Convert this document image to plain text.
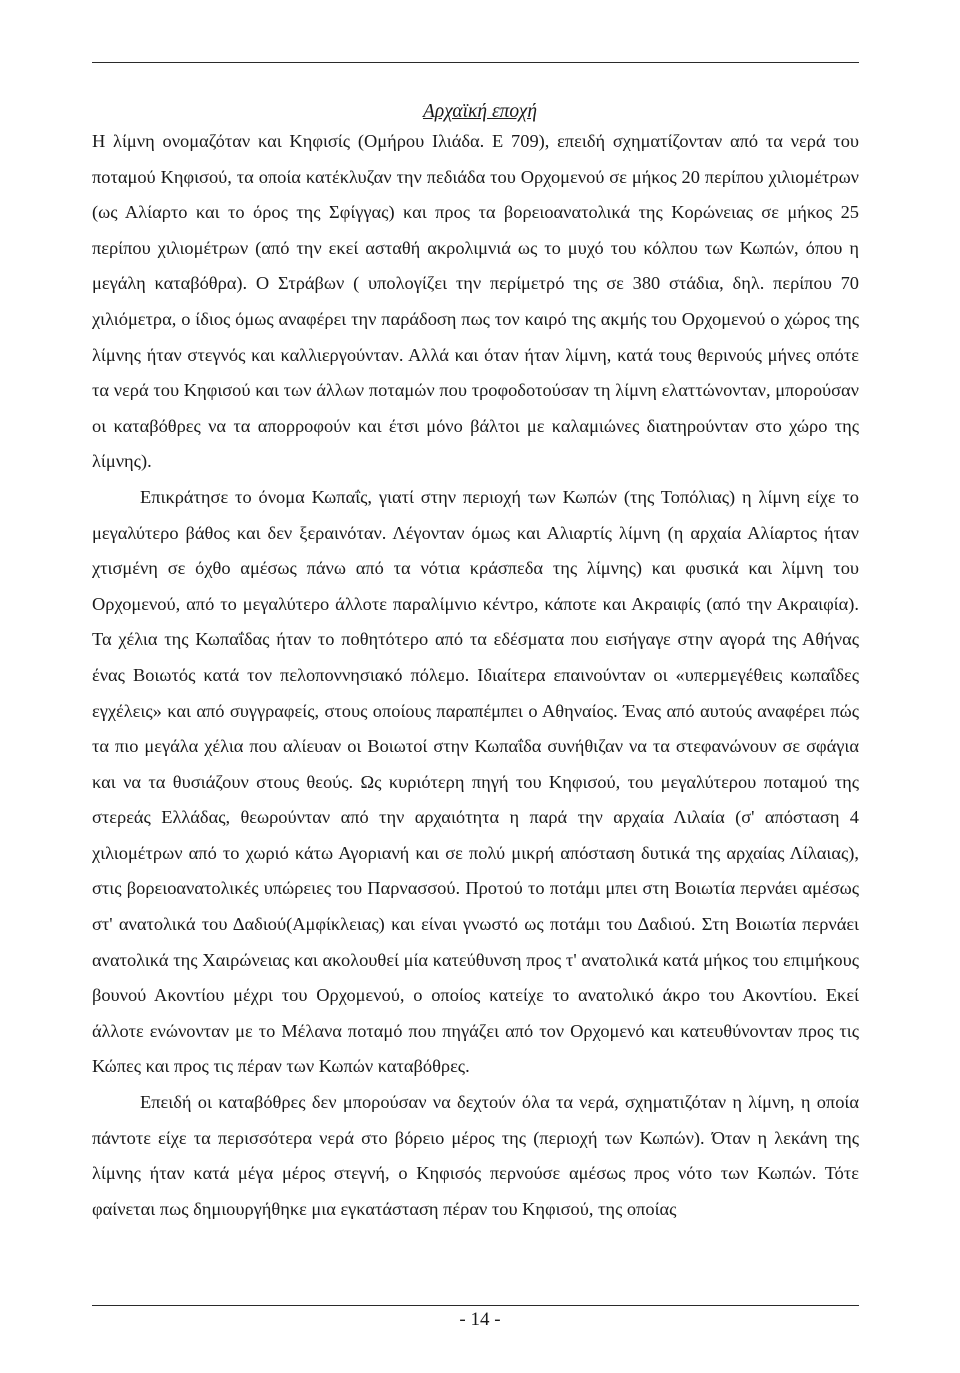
Αρχαϊκή εποχή

Η λίμνη ονομαζόταν και Κηφισίς (Ομήρου Ιλιάδα. Ε 709), επειδή σχηματίζονταν από τα νερά του ποταμού Κηφισού, τα οποία κατέκλυζαν την πεδιάδα του Ορχομενού σε μήκος 20 περίπου χιλιομέτρων (ως Αλίαρτο και το όρος της Σφίγγας) και προς τα βορειοανατολικά της Κορώνειας σε μήκος 25 περίπου χιλιομέτρων (από την εκεί ασταθή ακρολιμνιά ως το μυχό του κόλπου των Κωπών, όπου η μεγάλη καταβόθρα). Ο Στράβων ( υπολογίζει την περίμετρό της σε 380 στάδια, δηλ. περίπου 70 χιλιόμετρα, ο ίδιος όμως αναφέρει την παράδοση πως τον καιρό της ακμής του Ορχομενού ο χώρος της λίμνης ήταν στεγνός και καλλιεργούνταν. Αλλά και όταν ήταν λίμνη, κατά τους θερινούς μήνες οπότε τα νερά του Κηφισού και των άλλων ποταμών που τροφοδοτούσαν τη λίμνη ελαττώνονταν, μπορούσαν οι καταβόθρες να τα απορροφούν και έτσι μόνο βάλτοι με καλαμιώνες διατηρούνταν στο χώρο της λίμνης).

Επικράτησε το όνομα Κωπαΐς, γιατί στην περιοχή των Κωπών (της Τοπόλιας) η λίμνη είχε το μεγαλύτερο βάθος και δεν ξεραινόταν. Λέγονταν όμως και Αλιαρτίς λίμνη (η αρχαία Αλίαρτος ήταν χτισμένη σε όχθο αμέσως πάνω από τα νότια κράσπεδα της λίμνης) και φυσικά και λίμνη του Ορχομενού, από το μεγαλύτερο άλλοτε παραλίμνιο κέντρο, κάποτε και Ακραιφίς (από την Ακραιφία). Τα χέλια της Κωπαΐδας ήταν το ποθητότερο από τα εδέσματα που εισήγαγε στην αγορά της Αθήνας ένας Βοιωτός κατά τον πελοποννησιακό πόλεμο. Ιδιαίτερα επαινούνταν οι «υπερμεγέθεις κωπαΐδες εγχέλεις» και από συγγραφείς, στους οποίους παραπέμπει ο Αθηναίος. Ένας από αυτούς αναφέρει πώς τα πιο μεγάλα χέλια που αλίευαν οι Βοιωτοί στην Κωπαΐδα συνήθιζαν να τα στεφανώνουν σε σφάγια και να τα θυσιάζουν στους θεούς. Ως κυριότερη πηγή του Κηφισού, του μεγαλύτερου ποταμού της στερεάς Ελλάδας, θεωρούνταν από την αρχαιότητα η παρά την αρχαία Λιλαία (σ' απόσταση 4 χιλιομέτρων από το χωριό κάτω Αγοριανή και σε πολύ μικρή απόσταση δυτικά της αρχαίας Λίλαιας), στις βορειοανατολικές υπώρειες του Παρνασσού. Προτού το ποτάμι μπει στη Βοιωτία περνάει αμέσως στ' ανατολικά του Δαδιού(Αμφίκλειας) και είναι γνωστό ως ποτάμι του Δαδιού. Στη Βοιωτία περνάει ανατολικά της Χαιρώνειας και ακολουθεί μία κατεύθυνση προς τ' ανατολικά κατά μήκος του επιμήκους βουνού Ακοντίου μέχρι του Ορχομενού, ο οποίος κατείχε το ανατολικό άκρο του Ακοντίου. Εκεί άλλοτε ενώνονταν με το Μέλανα ποταμό που πηγάζει από τον Ορχομενό και κατευθύνονταν προς τις Κώπες και προς τις πέραν των Κωπών καταβόθρες.

Επειδή οι καταβόθρες δεν μπορούσαν να δεχτούν όλα τα νερά, σχηματιζόταν η λίμνη, η οποία πάντοτε είχε τα περισσότερα νερά στο βόρειο μέρος της (περιοχή των Κωπών). Όταν η λεκάνη της λίμνης ήταν κατά μέγα μέρος στεγνή, ο Κηφισός περνούσε αμέσως προς νότο των Κωπών. Τότε φαίνεται πως δημιουργήθηκε μια εγκατάσταση πέραν του Κηφισού, της οποίας

- 14 -
